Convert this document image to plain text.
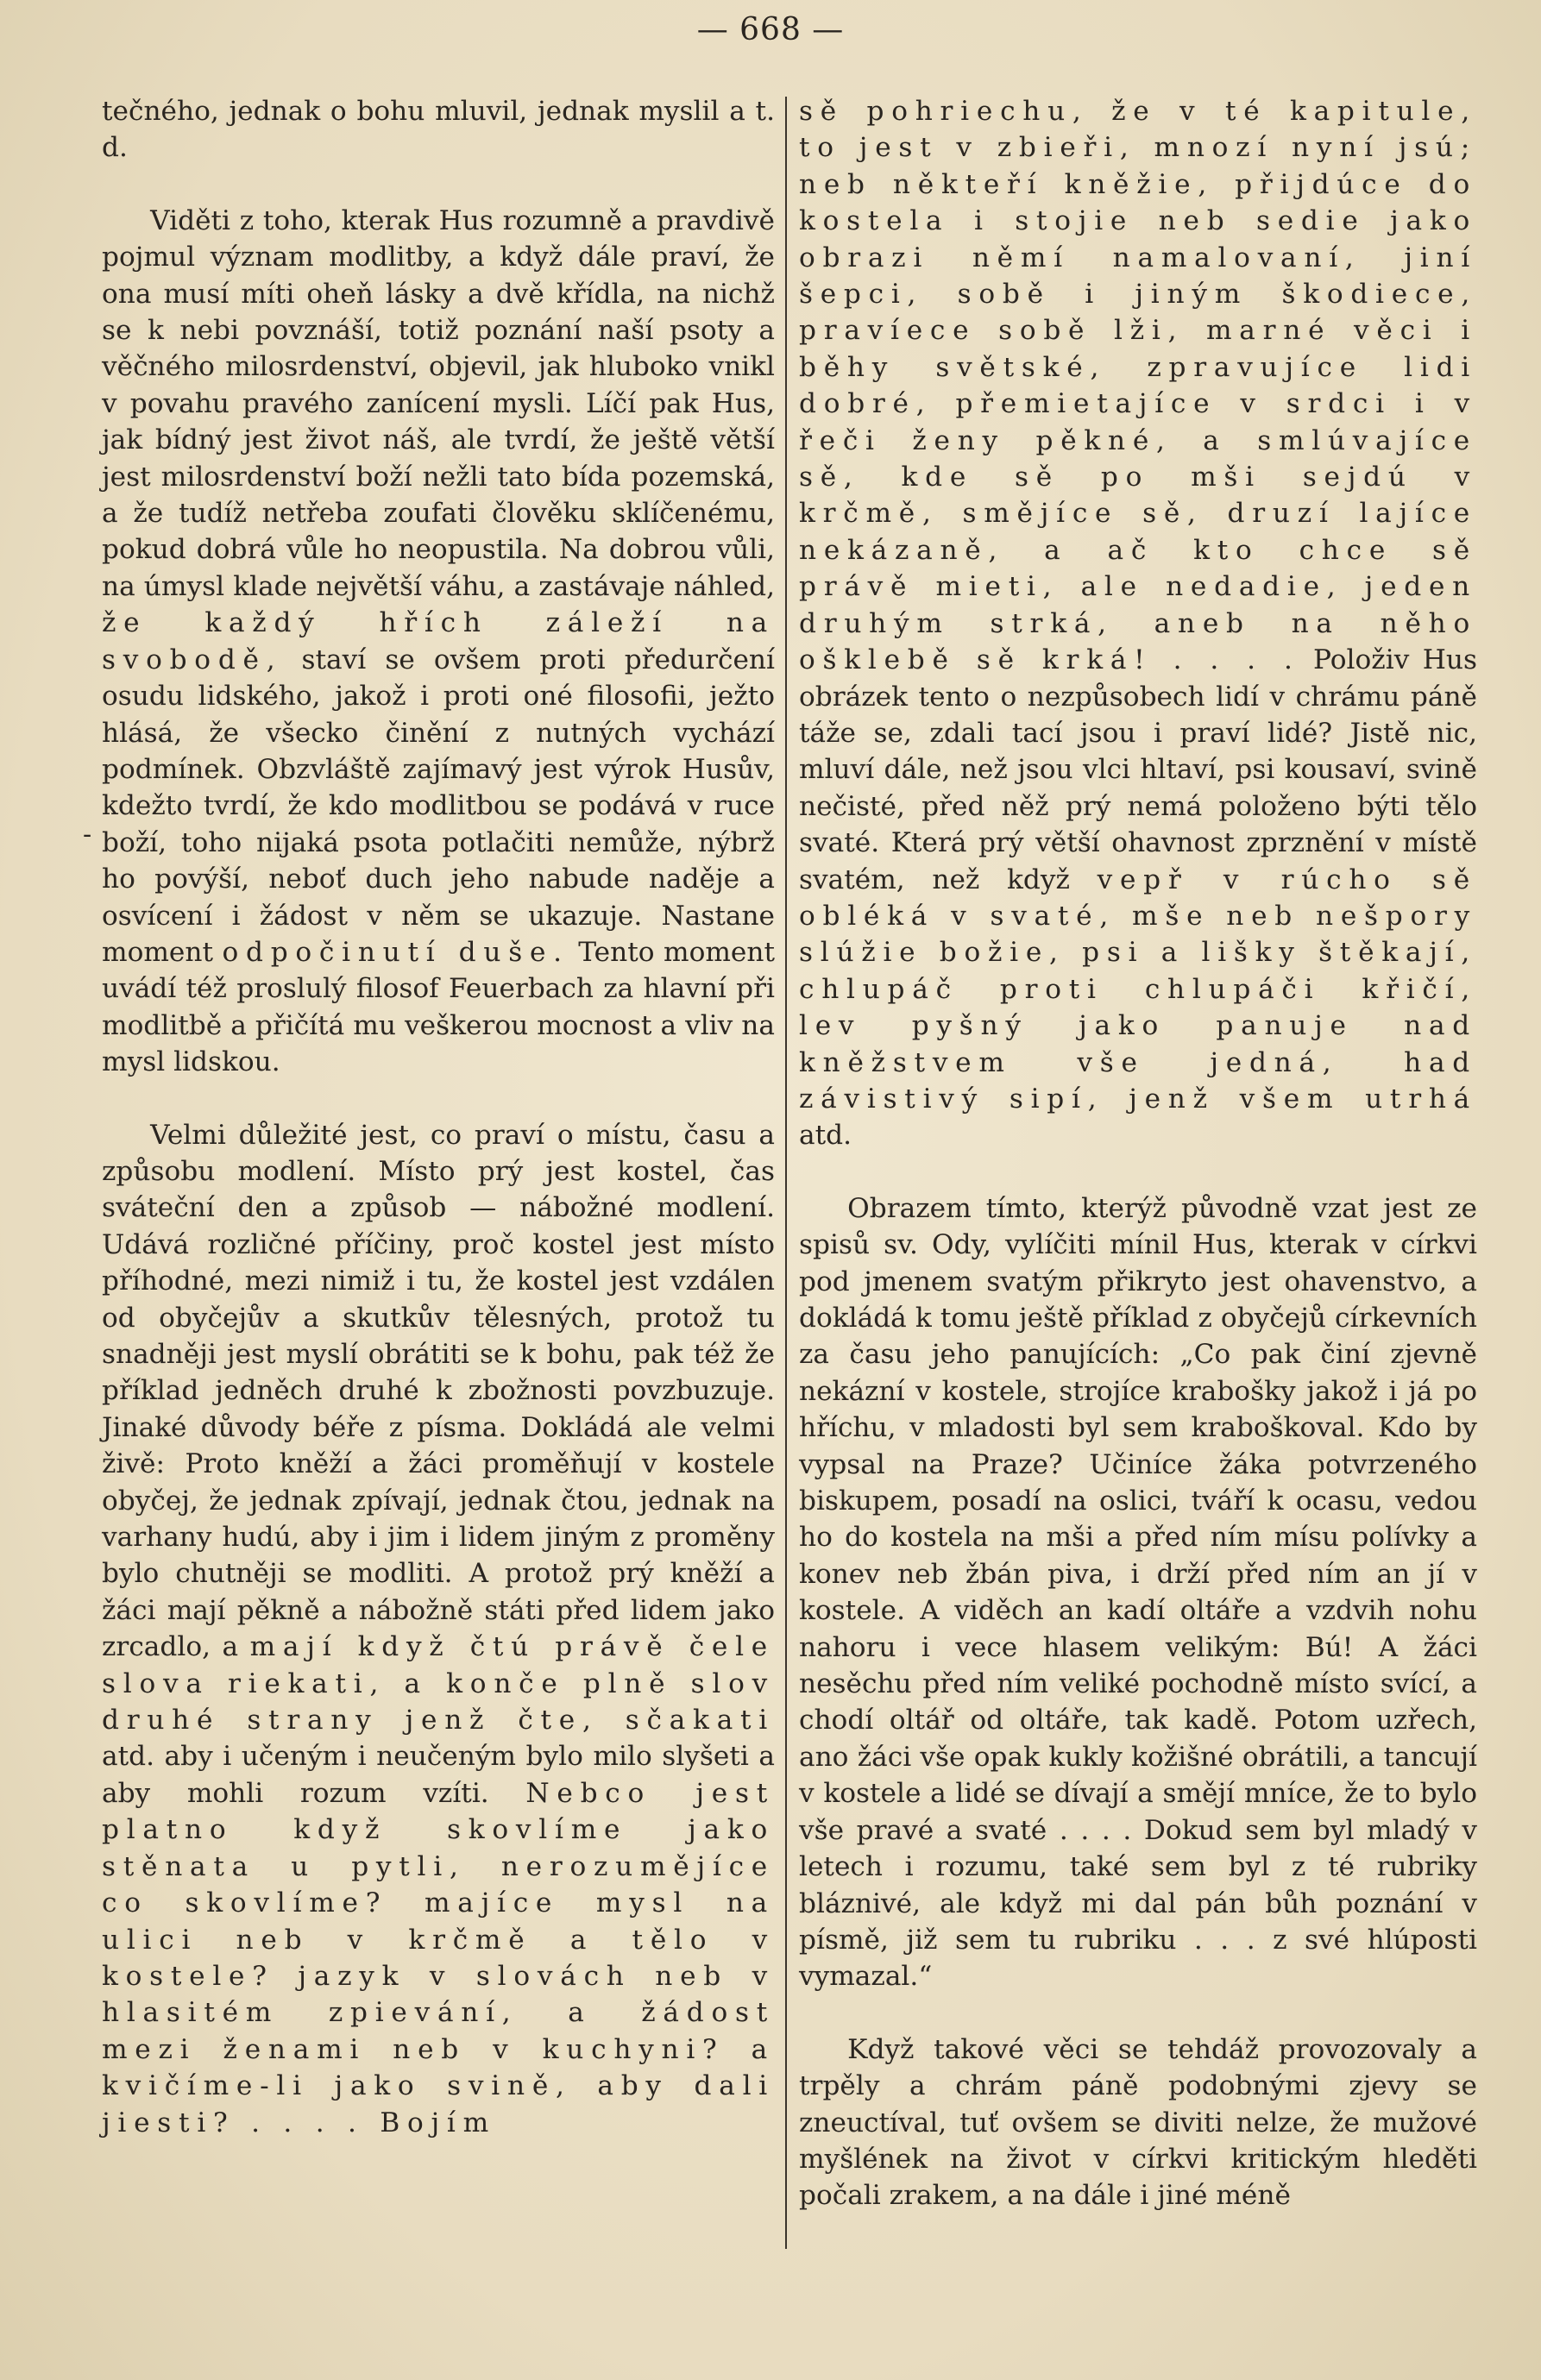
— 668 —
-

tečného, jednak o bohu mluvil, jednak myslil a t. d.

Viděti z toho, kterak Hus rozumně a pravdivě pojmul význam modlitby, a když dále praví, že ona musí míti oheň lásky a dvě křídla, na nichž se k nebi povznáší, totiž poznání naší psoty a věčného milosrdenství, objevil, jak hluboko vnikl v povahu pravého zanícení mysli. Líčí pak Hus, jak bídný jest život náš, ale tvrdí, že ještě větší jest milosrdenství boží nežli tato bída pozemská, a že tudíž netřeba zoufati člověku sklíčenému, pokud dobrá vůle ho neopustila. Na dobrou vůli, na úmysl klade největší váhu, a zastávaje náhled, že každý hřích záleží na svobodě, staví se ovšem proti předurčení osudu lidského, jakož i proti oné filosofii, ježto hlásá, že všecko činění z nutných vychází podmínek. Obzvláště zajímavý jest výrok Husův, kdežto tvrdí, že kdo modlitbou se podává v ruce boží, toho nijaká psota potlačiti nemůže, nýbrž ho povýší, neboť duch jeho nabude naděje a osvícení i žádost v něm se ukazuje. Nastane moment odpočinutí duše. Tento moment uvádí též proslulý filosof Feuerbach za hlavní při modlitbě a přičítá mu veškerou mocnost a vliv na mysl lidskou.

Velmi důležité jest, co praví o místu, času a způsobu modlení. Místo prý jest kostel, čas sváteční den a způsob — nábožné modlení. Udává rozličné příčiny, proč kostel jest místo příhodné, mezi nimiž i tu, že kostel jest vzdálen od obyčejův a skutkův tělesných, protož tu snadněji jest myslí obrátiti se k bohu, pak též že příklad jedněch druhé k zbožnosti povzbuzuje. Jinaké důvody béře z písma. Dokládá ale velmi živě: Proto kněží a žáci proměňují v kostele obyčej, že jednak zpívají, jednak čtou, jednak na varhany hudú, aby i jim i lidem jiným z proměny bylo chutněji se modliti. A protož prý kněží a žáci mají pěkně a nábožně státi před lidem jako zrcadlo, a mají když čtú právě čele slova riekati, a konče plně slov druhé strany jenž čte, sčakati atd. aby i učeným i neučeným bylo milo slyšeti a aby mohli rozum vzíti. Nebco jest platno když skovlíme jako stěnata u pytli, nerozumějíce co skovlíme? majíce mysl na ulici neb v krčmě a tělo v kostele? jazyk v slovách neb v hlasitém zpievání, a žádost mezi ženami neb v kuchyni? a kvičíme-li jako svině, aby dali jiesti? . . . . Bojím

sě pohriechu, že v té kapitule, to jest v zbieři, mnozí nyní jsú; neb někteří kněžie, přijdúce do kostela i stojie neb sedie jako obrazi němí namalovaní, jiní šepci, sobě i jiným škodiece, pravíece sobě lži, marné věci i běhy světské, zpravujíce lidi dobré, přemietajíce v srdci i v řeči ženy pěkné, a smlúvajíce sě, kde sě po mši sejdú v krčmě, smějíce sě, druzí lajíce nekázaně, a ač kto chce sě právě mieti, ale nedadie, jeden druhým strká, aneb na něho ošklebě sě krká! . . . . Položiv Hus obrázek tento o nezpůsobech lidí v chrámu páně táže se, zdali tací jsou i praví lidé? Jistě nic, mluví dále, než jsou vlci hltaví, psi kousaví, svině nečisté, před něž prý nemá položeno býti tělo svaté. Která prý větší ohavnost zprznění v místě svatém, než když vepř v rúcho sě obléká v svaté, mše neb nešpory slúžie božie, psi a lišky štěkají, chlupáč proti chlupáči křičí, lev pyšný jako panuje nad kněžstvem vše jedná, had závistivý sipí, jenž všem utrhá atd.

Obrazem tímto, kterýž původně vzat jest ze spisů sv. Ody, vylíčiti mínil Hus, kterak v církvi pod jmenem svatým přikryto jest ohavenstvo, a dokládá k tomu ještě příklad z obyčejů církevních za času jeho panujících: „Co pak činí zjevně nekázní v kostele, strojíce krabošky jakož i já po hříchu, v mladosti byl sem kraboškoval. Kdo by vypsal na Praze? Učiníce žáka potvrzeného biskupem, posadí na oslici, tváří k ocasu, vedou ho do kostela na mši a před ním mísu polívky a konev neb žbán piva, i drží před ním an jí v kostele. A viděch an kadí oltáře a vzdvih nohu nahoru i vece hlasem velikým: Bú! A žáci nesěchu před ním veliké pochodně místo svící, a chodí oltář od oltáře, tak kadě. Potom uzřech, ano žáci vše opak kukly kožišné obrátili, a tancují v kostele a lidé se dívají a smějí mníce, že to bylo vše pravé a svaté . . . . Dokud sem byl mladý v letech i rozumu, také sem byl z té rubriky bláznivé, ale když mi dal pán bůh poznání v písmě, již sem tu rubriku . . . z své hlúposti vymazal.“

Když takové věci se tehdáž provozovaly a trpěly a chrám páně podobnými zjevy se zneuctíval, tuť ovšem se diviti nelze, že mužové myšlének na život v církvi kritickým hleděti počali zrakem, a na dále i jiné méně
